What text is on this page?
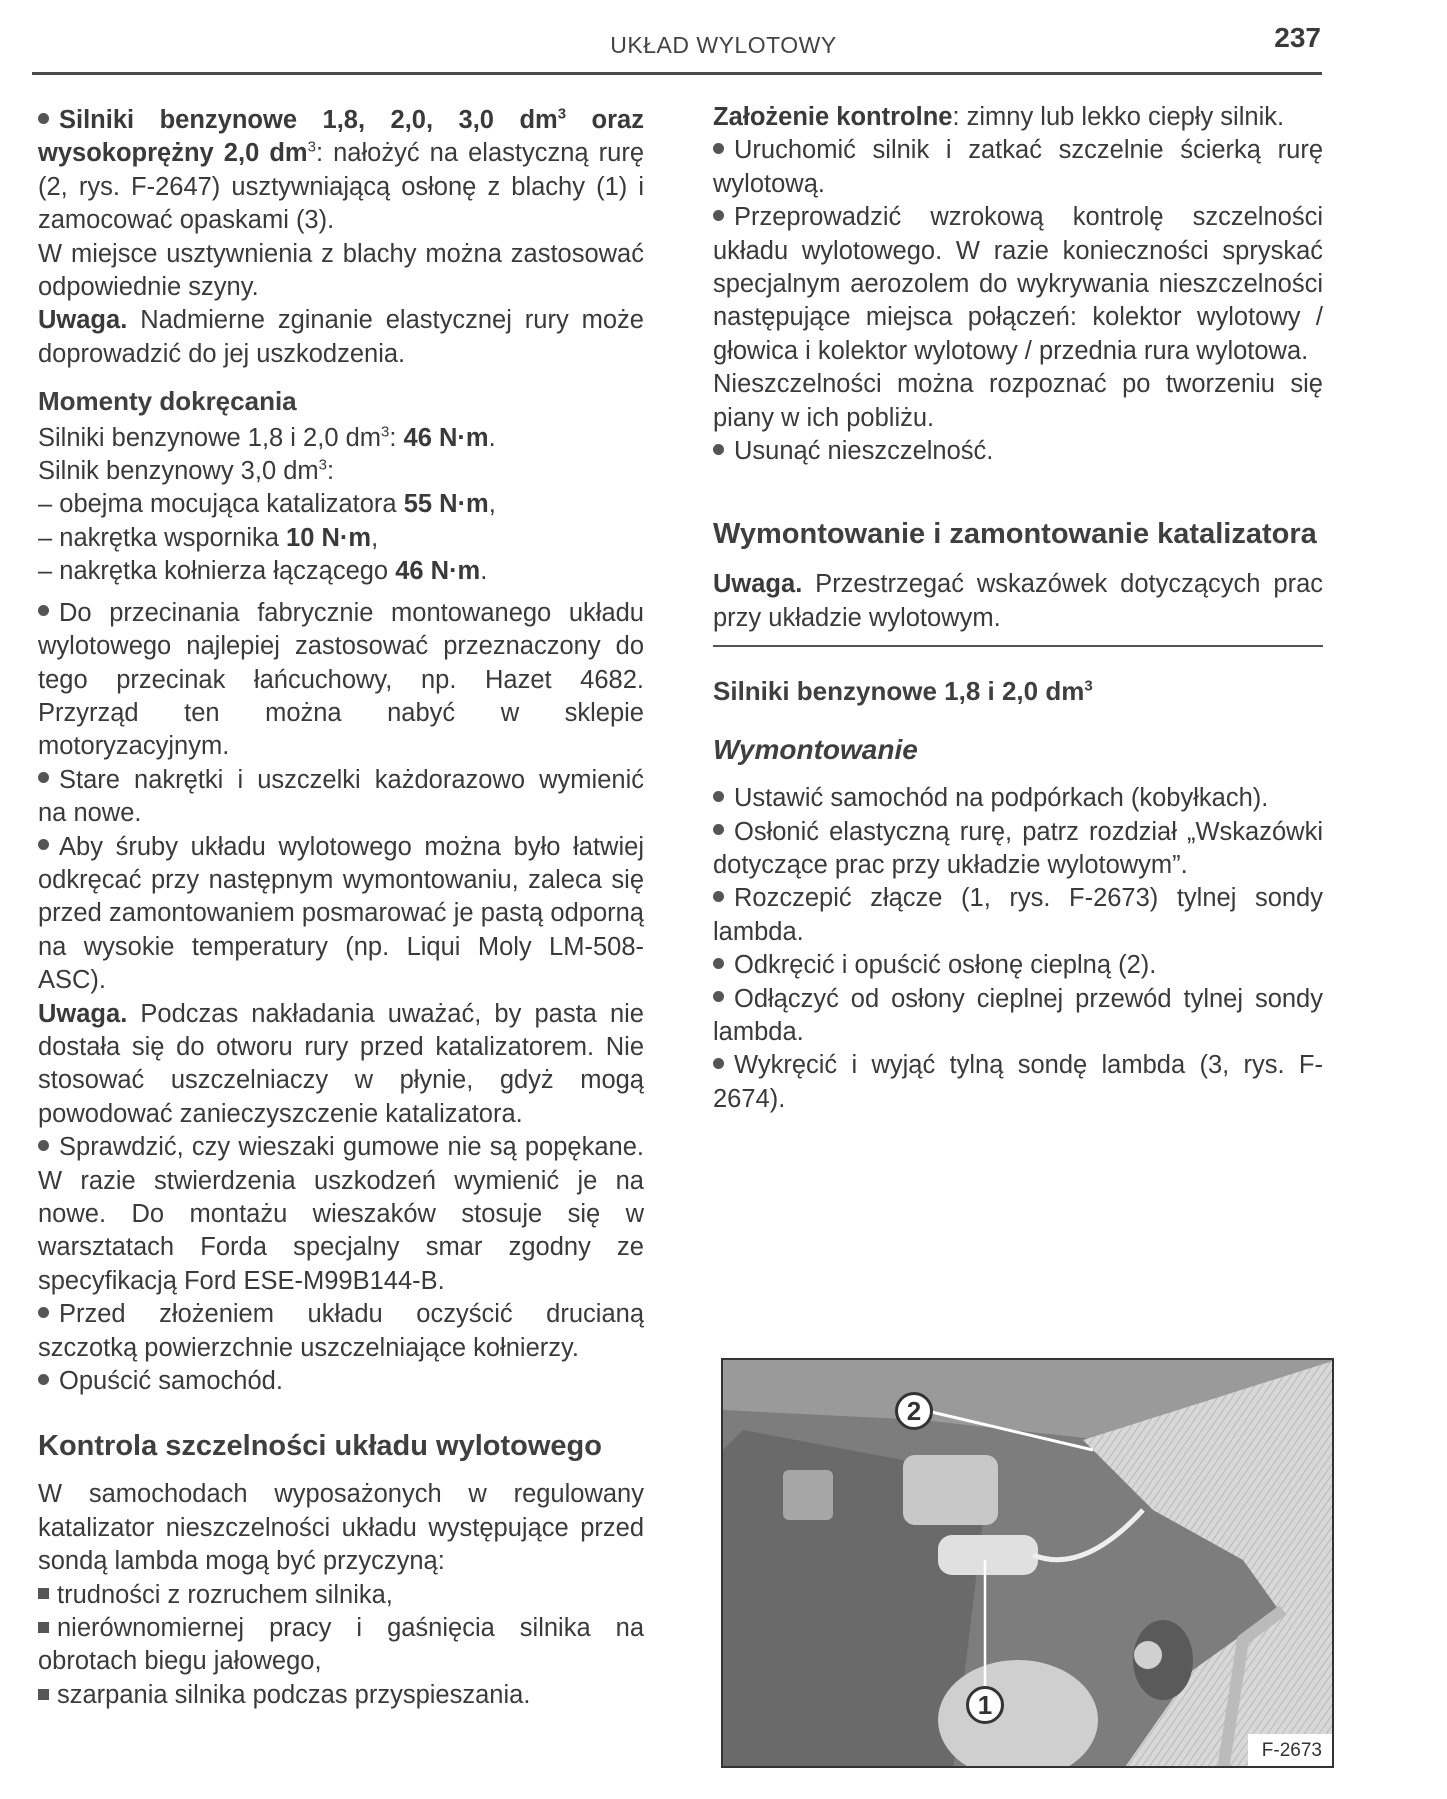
UKŁAD WYLOTOWY	237
Silniki benzynowe 1,8, 2,0, 3,0 $dm^3$ oraz wysokoprężny 2,0 $dm^3$: nałożyć na elastyczną rurę (2, rys. F-2647) usztywniającą osłonę z blachy (1) i zamocować opaskami (3).
W miejsce usztywnienia z blachy można zastosować odpowiednie szyny.
Uwaga. Nadmierne zginanie elastycznej rury może doprowadzić do jej uszkodzenia.
Momenty dokręcania
Silniki benzynowe 1,8 i 2,0 $dm^3$: 46 N·m.
Silnik benzynowy 3,0 $dm^3$:
– obejma mocująca katalizatora 55 N·m,
– nakrętka wspornika 10 N·m,
– nakrętka kołnierza łączącego 46 N·m.
Do przecinania fabrycznie montowanego układu wylotowego najlepiej zastosować przeznaczony do tego przecinak łańcuchowy, np. Hazet 4682. Przyrząd ten można nabyć w sklepie motoryzacyjnym.
Stare nakrętki i uszczelki każdorazowo wymienić na nowe.
Aby śruby układu wylotowego można było łatwiej odkręcać przy następnym wymontowaniu, zaleca się przed zamontowaniem posmarować je pastą odporną na wysokie temperatury (np. Liqui Moly LM-508-ASC).
Uwaga. Podczas nakładania uważać, by pasta nie dostała się do otworu rury przed katalizatorem. Nie stosować uszczelniaczy w płynie, gdyż mogą powodować zanieczyszczenie katalizatora.
Sprawdzić, czy wieszaki gumowe nie są popękane. W razie stwierdzenia uszkodzeń wymienić je na nowe. Do montażu wieszaków stosuje się w warsztatach Forda specjalny smar zgodny ze specyfikacją Ford ESE-M99B144-B.
Przed złożeniem układu oczyścić drucianą szczotką powierzchnie uszczelniające kołnierzy.
Opuścić samochód.
Kontrola szczelności układu wylotowego
W samochodach wyposażonych w regulowany katalizator nieszczelności układu występujące przed sondą lambda mogą być przyczyną:
trudności z rozruchem silnika,
nierównomiernej pracy i gaśnięcia silnika na obrotach biegu jałowego,
szarpania silnika podczas przyspieszania.
Założenie kontrolne: zimny lub lekko ciepły silnik.
Uruchomić silnik i zatkać szczelnie ścierką rurę wylotową.
Przeprowadzić wzrokową kontrolę szczelności układu wylotowego. W razie konieczności spryskać specjalnym aerozolem do wykrywania nieszczelności następujące miejsca połączeń: kolektor wylotowy / głowica i kolektor wylotowy / przednia rura wylotowa.
Nieszczelności można rozpoznać po tworzeniu się piany w ich pobliżu.
Usunąć nieszczelność.
Wymontowanie i zamontowanie katalizatora
Uwaga. Przestrzegać wskazówek dotyczących prac przy układzie wylotowym.
Silniki benzynowe 1,8 i 2,0 $dm^3$
Wymontowanie
Ustawić samochód na podpórkach (kobyłkach).
Osłonić elastyczną rurę, patrz rozdział „Wskazówki dotyczące prac przy układzie wylotowym”.
Rozczepić złącze (1, rys. F-2673) tylnej sondy lambda.
Odkręcić i opuścić osłonę cieplną (2).
Odłączyć od osłony cieplnej przewód tylnej sondy lambda.
Wykręcić i wyjąć tylną sondę lambda (3, rys. F-2674).
2
1
F-2673
